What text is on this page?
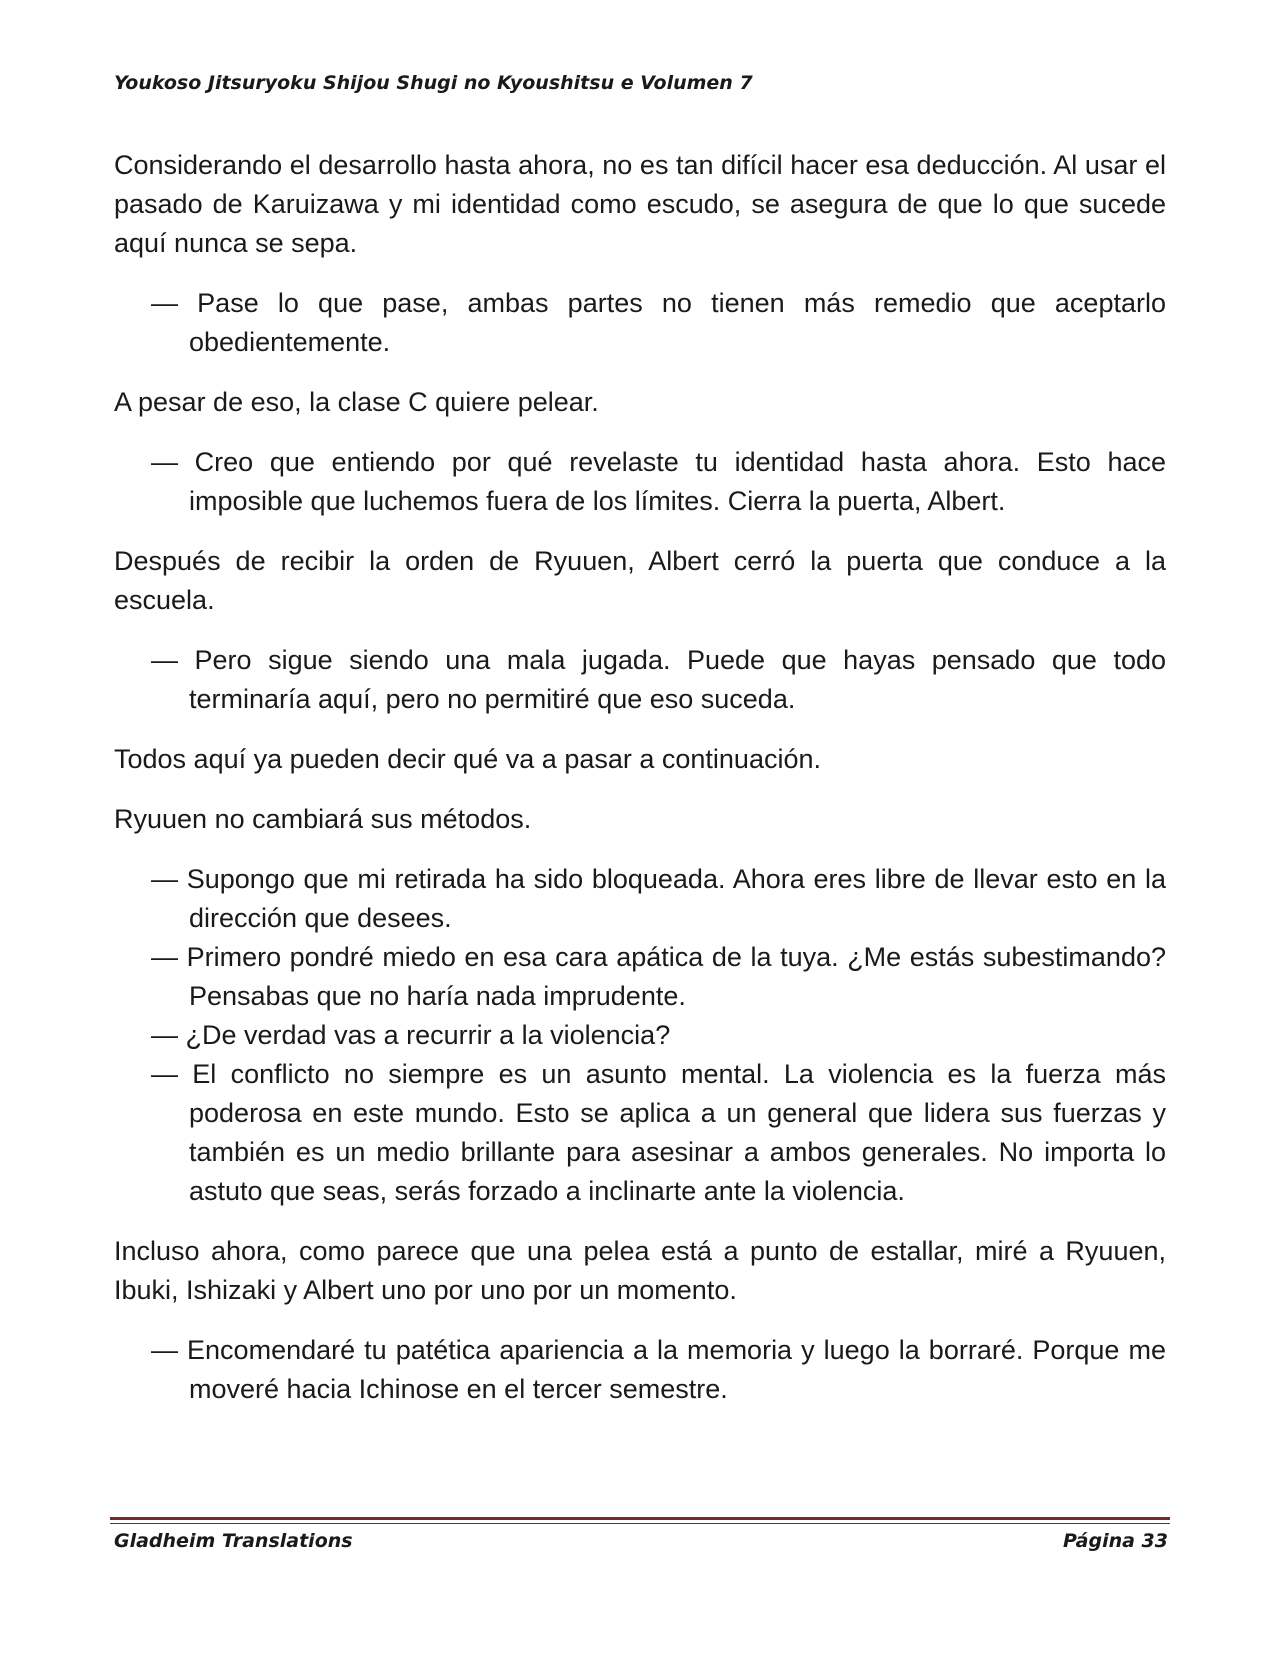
Youkoso Jitsuryoku Shijou Shugi no Kyoushitsu e Volumen 7

Considerando el desarrollo hasta ahora, no es tan difícil hacer esa deducción. Al usar el pasado de Karuizawa y mi identidad como escudo, se asegura de que lo que sucede aquí nunca se sepa.

— Pase lo que pase, ambas partes no tienen más remedio que aceptarlo obedientemente.

A pesar de eso, la clase C quiere pelear.

— Creo que entiendo por qué revelaste tu identidad hasta ahora. Esto hace imposible que luchemos fuera de los límites. Cierra la puerta, Albert.

Después de recibir la orden de Ryuuen, Albert cerró la puerta que conduce a la escuela.

— Pero sigue siendo una mala jugada. Puede que hayas pensado que todo terminaría aquí, pero no permitiré que eso suceda.

Todos aquí ya pueden decir qué va a pasar a continuación.

Ryuuen no cambiará sus métodos.

— Supongo que mi retirada ha sido bloqueada. Ahora eres libre de llevar esto en la dirección que desees.

— Primero pondré miedo en esa cara apática de la tuya. ¿Me estás subestimando? Pensabas que no haría nada imprudente.

— ¿De verdad vas a recurrir a la violencia?

— El conflicto no siempre es un asunto mental. La violencia es la fuerza más poderosa en este mundo. Esto se aplica a un general que lidera sus fuerzas y también es un medio brillante para asesinar a ambos generales. No importa lo astuto que seas, serás forzado a inclinarte ante la violencia.

Incluso ahora, como parece que una pelea está a punto de estallar, miré a Ryuuen, Ibuki, Ishizaki y Albert uno por uno por un momento.

— Encomendaré tu patética apariencia a la memoria y luego la borraré. Porque me moveré hacia Ichinose en el tercer semestre.

Gladheim Translations	Página 33
